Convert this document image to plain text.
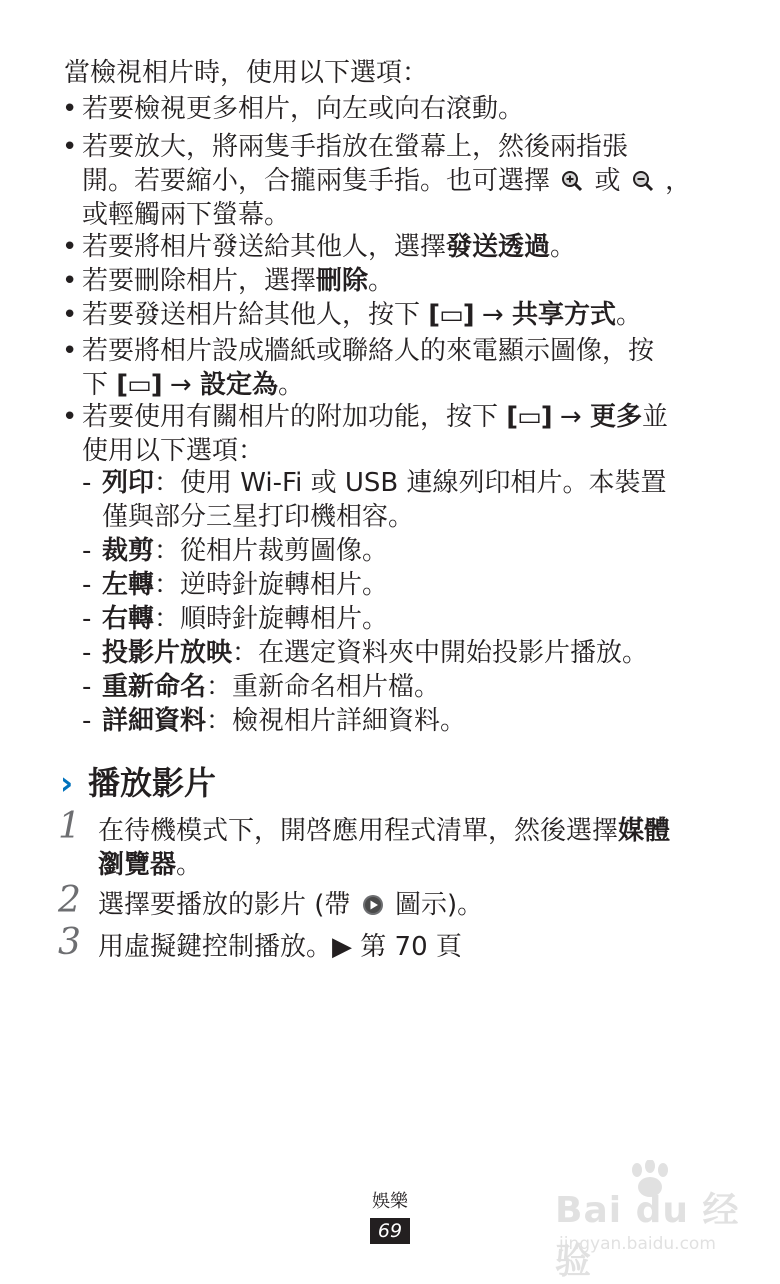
當檢視相片時，使用以下選項：
• 若要檢視更多相片，向左或向右滾動。
• 若要放大，將兩隻手指放在螢幕上，然後兩指張
開。若要縮小，合攏兩隻手指。也可選擇 或 ，
或輕觸兩下螢幕。
• 若要將相片發送給其他人，選擇發送透過。
• 若要刪除相片，選擇刪除。
• 若要發送相片給其他人，按下 [▭] → 共享方式。
• 若要將相片設成牆紙或聯絡人的來電顯示圖像，按
下 [▭] → 設定為。
• 若要使用有關相片的附加功能，按下 [▭] → 更多並
使用以下選項：
- 列印：使用 Wi-Fi 或 USB 連線列印相片。本裝置
僅與部分三星打印機相容。
- 裁剪：從相片裁剪圖像。
- 左轉：逆時針旋轉相片。
- 右轉：順時針旋轉相片。
- 投影片放映：在選定資料夾中開始投影片播放。
- 重新命名：重新命名相片檔。
- 詳細資料：檢視相片詳細資料。
› 播放影片
1 在待機模式下，開啓應用程式清單，然後選擇媒體
瀏覽器。
2 選擇要播放的影片 (帶 圖示)。
3 用虛擬鍵控制播放。▶ 第 70 頁
娛樂
69	Bai du 经验
jingyan.baidu.com
